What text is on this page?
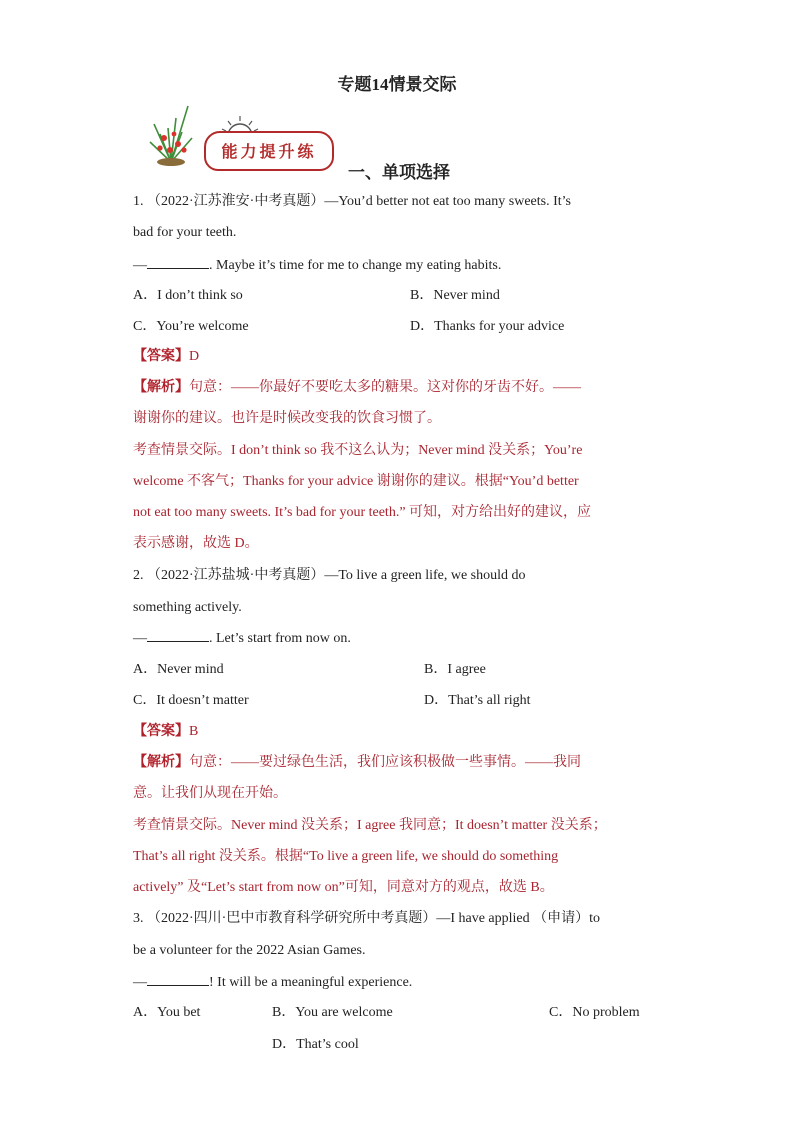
专题14情景交际
能力提升练
一、单项选择
1. （2022·江苏淮安·中考真题）—You’d better not eat too many sweets. It’s
bad for your teeth.
—	. Maybe it’s time for me to change my eating habits.
A．I don’t think so	B．Never mind
C．You’re welcome	D．Thanks for your advice
【答案】D
【解析】句意：——你最好不要吃太多的糖果。这对你的牙齿不好。——
谢谢你的建议。也许是时候改变我的饮食习惯了。
考查情景交际。I don’t think so 我不这么认为；Never mind 没关系；You’re
welcome 不客气；Thanks for your advice 谢谢你的建议。根据“You’d better
not eat too many sweets. It’s bad for your teeth.” 可知，对方给出好的建议，应
表示感谢，故选 D。
2. （2022·江苏盐城·中考真题）—To live a green life, we should do
something actively.
—	. Let’s start from now on.
A．Never mind	B．I agree
C．It doesn’t matter	D．That’s all right
【答案】B
【解析】句意：——要过绿色生活，我们应该积极做一些事情。——我同
意。让我们从现在开始。
考查情景交际。Never mind 没关系；I agree 我同意；It doesn’t matter 没关系；
That’s all right 没关系。根据“To live a green life, we should do something
actively” 及“Let’s start from now on”可知，同意对方的观点，故选 B。
3. （2022·四川·巴中市教育科学研究所中考真题）—I have applied （申请）to
be a volunteer for the 2022 Asian Games.
—	! It will be a meaningful experience.
A．You bet	B．You are welcome	C．No problem
D．That’s cool
